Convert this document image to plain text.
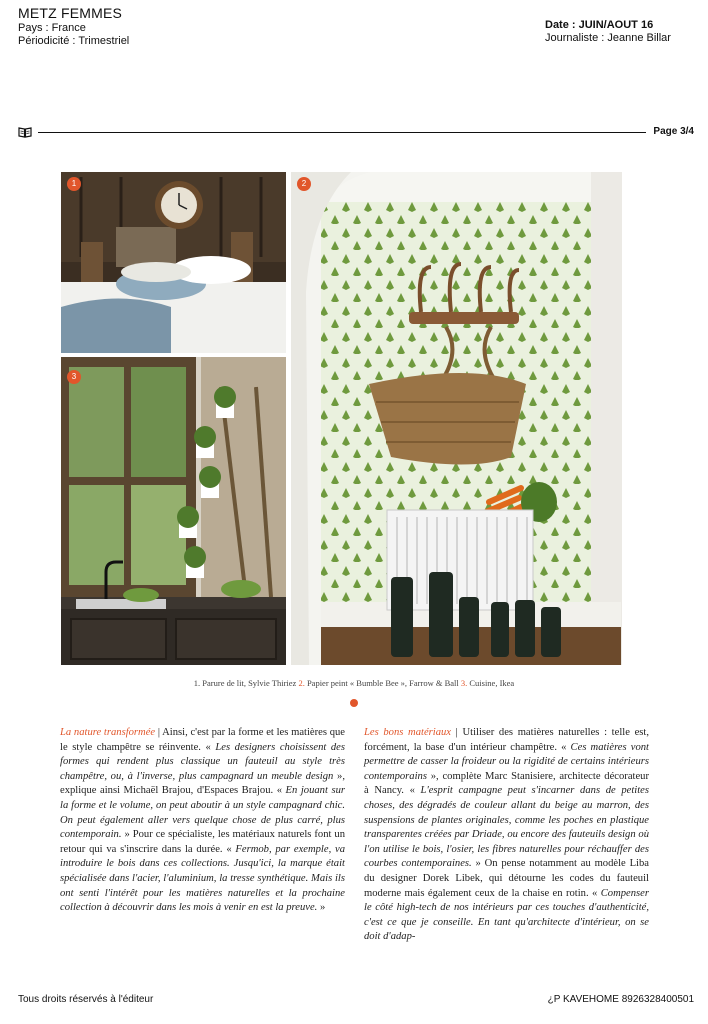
METZ FEMMES
Pays : France
Périodicité : Trimestriel
Date : JUIN/AOUT 16
Journaliste : Jeanne Billar
Page 3/4
1
3
2
1. Parure de lit, Sylvie Thiriez 2. Papier peint « Bumble Bee », Farrow & Ball 3. Cuisine, Ikea
La nature transformée | Ainsi, c'est par la forme et les matières que le style champêtre se réinvente. « Les designers choisissent des formes qui rendent plus classique un fauteuil au style très champêtre, ou, à l'inverse, plus campagnard un meuble design », explique ainsi Michaël Brajou, d'Espaces Brajou. « En jouant sur la forme et le volume, on peut aboutir à un style campagnard chic. On peut également aller vers quelque chose de plus carré, plus contemporain. » Pour ce spécialiste, les matériaux naturels font un retour qui va s'inscrire dans la durée. « Fermob, par exemple, va introduire le bois dans ces collections. Jusqu'ici, la marque était spécialisée dans l'acier, l'aluminium, la tresse synthétique. Mais ils ont senti l'intérêt pour les matières naturelles et la prochaine collection à découvrir dans les mois à venir en est la preuve. »
Les bons matériaux | Utiliser des matières naturelles : telle est, forcément, la base d'un intérieur champêtre. « Ces matières vont permettre de casser la froideur ou la rigidité de certains intérieurs contemporains », complète Marc Stanisiere, architecte décorateur à Nancy. « L'esprit campagne peut s'incarner dans de petites choses, des dégradés de couleur allant du beige au marron, des suspensions de plantes originales, comme les poches en plastique transparentes créées par Driade, ou encore des fauteuils design où l'on utilise le bois, l'osier, les fibres naturelles pour réchauffer des courbes contemporaines. » On pense notamment au modèle Liba du designer Dorek Libek, qui détourne les codes du fauteuil moderne mais également ceux de la chaise en rotin. « Compenser le côté high-tech de nos intérieurs par ces touches d'authenticité, c'est ce que je conseille. En tant qu'architecte d'intérieur, on se doit d'adap-
Tous droits réservés à l'éditeur	¿P KAVEHOME 8926328400501
